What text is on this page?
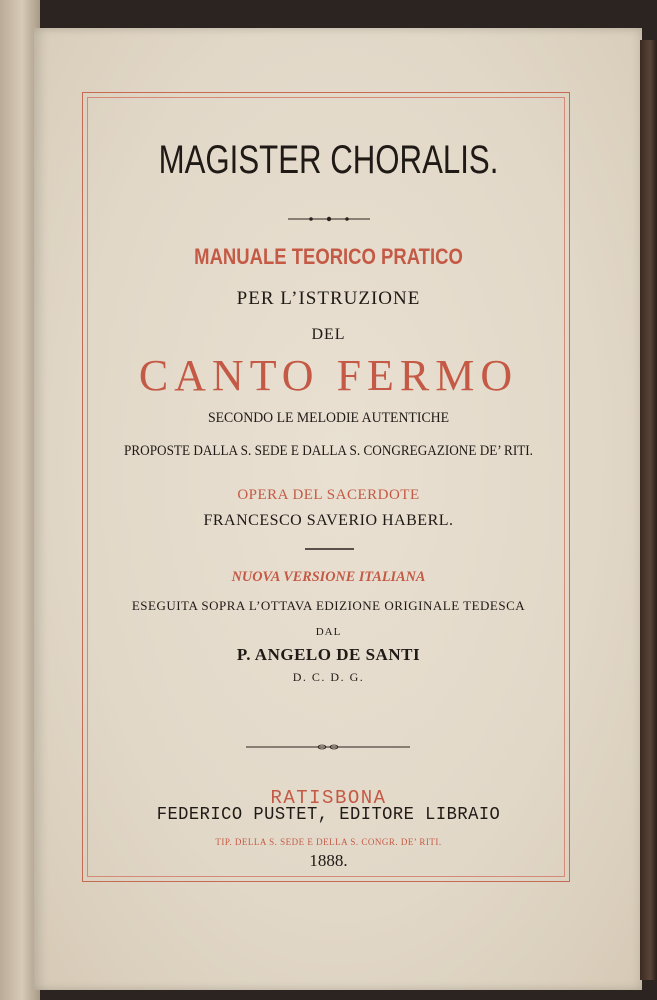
MAGISTER CHORALIS.
MANUALE TEORICO PRATICO
PER L’ISTRUZIONE
DEL
CANTO FERMO
SECONDO LE MELODIE AUTENTICHE
PROPOSTE DALLA S. SEDE E DALLA S. CONGREGAZIONE DE’ RITI.
OPERA DEL SACERDOTE
FRANCESCO SAVERIO HABERL.
NUOVA VERSIONE ITALIANA
ESEGUITA SOPRA L’OTTAVA EDIZIONE ORIGINALE TEDESCA
DAL
P. ANGELO DE SANTI
D. C. D. G.
RATISBONA
FEDERICO PUSTET, EDITORE LIBRAIO
TIP. DELLA S. SEDE E DELLA S. CONGR. DE’ RITI.
1888.
